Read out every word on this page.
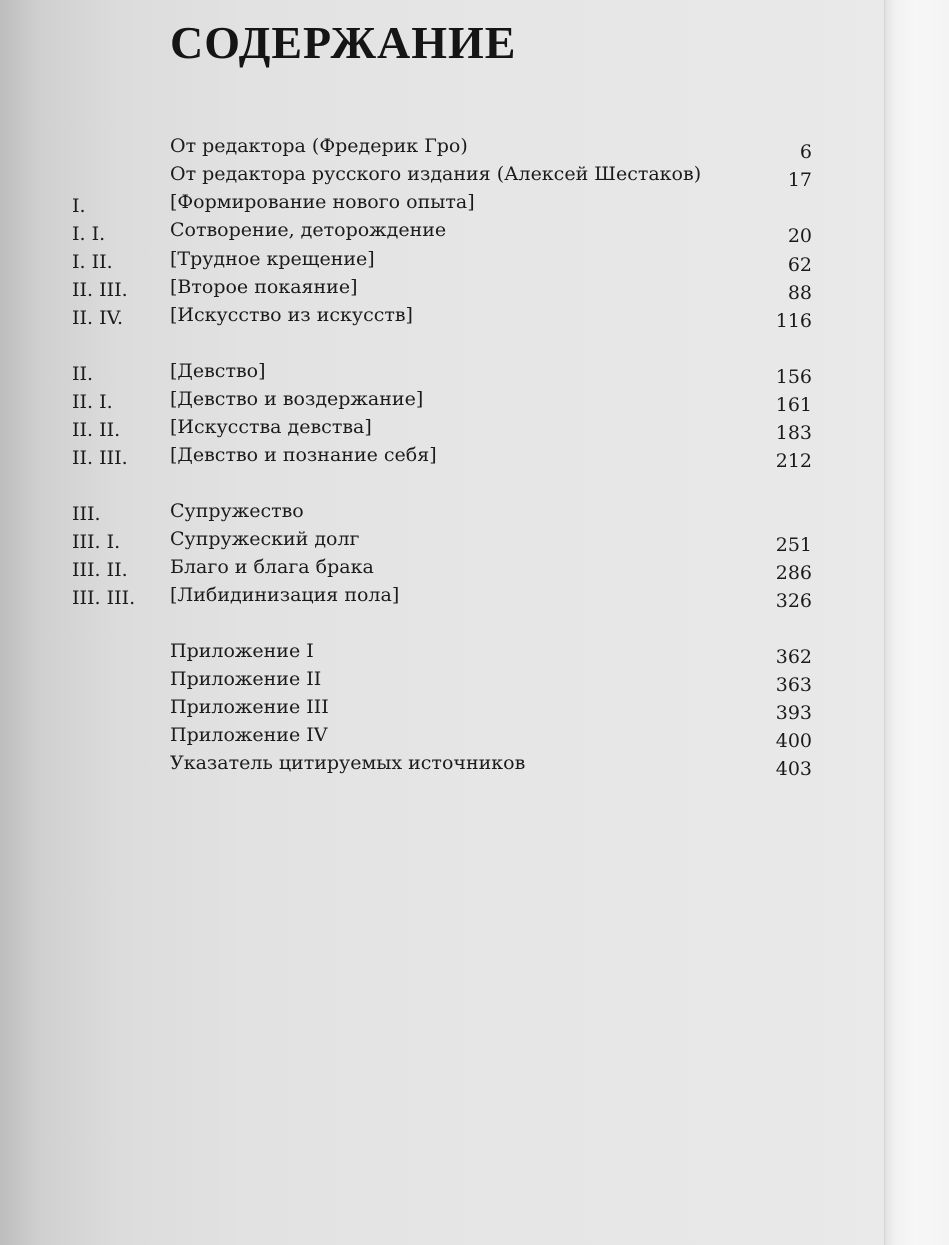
СОДЕРЖАНИЕ
От редактора (Фредерик Гро)	6
От редактора русского издания (Алексей Шестаков)	17
I.	[Формирование нового опыта]
I. I.	Сотворение, деторождение	20
I. II.	[Трудное крещение]	62
II. III. [Второе покаяние]	88
II. IV. [Искусство из искусств]	116
II.	[Девство]	156
II. I.	[Девство и воздержание]	161
II. II.	[Искусства девства]	183
II. III. [Девство и познание себя]	212
III.	Супружество
III. I.	Супружеский долг	251
III. II. Благо и блага брака	286
III. III. [Либидинизация пола]	326
Приложение I	362
Приложение II	363
Приложение III	393
Приложение IV	400
Указатель цитируемых источников	403
